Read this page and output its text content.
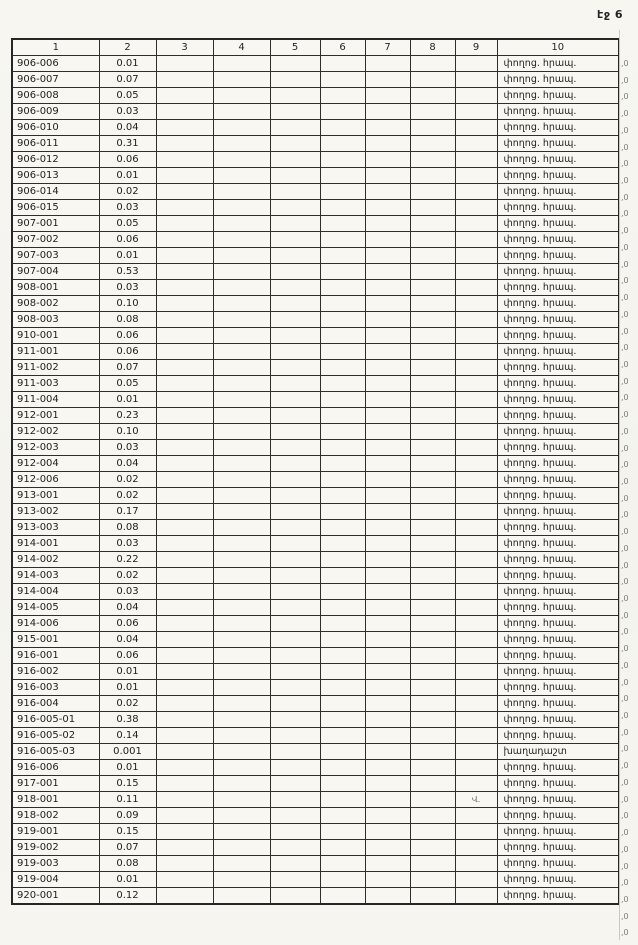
էջ 6
1	2	3	4	5	6	7	8	9	10
906-006	0.01								փողոց. հրապ.
906-007	0.07								փողոց. հրապ.
906-008	0.05								փողոց. հրապ.
906-009	0.03								փողոց. հրապ.
906-010	0.04								փողոց. հրապ.
906-011	0.31								փողոց. հրապ.
906-012	0.06								փողոց. հրապ.
906-013	0.01								փողոց. հրապ.
906-014	0.02								փողոց. հրապ.
906-015	0.03								փողոց. հրապ.
907-001	0.05								փողոց. հրապ.
907-002	0.06								փողոց. հրապ.
907-003	0.01								փողոց. հրապ.
907-004	0.53								փողոց. հրապ.
908-001	0.03								փողոց. հրապ.
908-002	0.10								փողոց. հրապ.
908-003	0.08								փողոց. հրապ.
910-001	0.06								փողոց. հրապ.
911-001	0.06								փողոց. հրապ.
911-002	0.07								փողոց. հրապ.
911-003	0.05								փողոց. հրապ.
911-004	0.01								փողոց. հրապ.
912-001	0.23								փողոց. հրապ.
912-002	0.10								փողոց. հրապ.
912-003	0.03								փողոց. հրապ.
912-004	0.04								փողոց. հրապ.
912-006	0.02								փողոց. հրապ.
913-001	0.02								փողոց. հրապ.
913-002	0.17								փողոց. հրապ.
913-003	0.08								փողոց. հրապ.
914-001	0.03								փողոց. հրապ.
914-002	0.22								փողոց. հրապ.
914-003	0.02								փողոց. հրապ.
914-004	0.03								փողոց. հրապ.
914-005	0.04								փողոց. հրապ.
914-006	0.06								փողոց. հրապ.
915-001	0.04								փողոց. հրապ.
916-001	0.06								փողոց. հրապ.
916-002	0.01								փողոց. հրապ.
916-003	0.01								փողոց. հրապ.
916-004	0.02								փողոց. հրապ.
916-005-01	0.38								փողոց. հրապ.
916-005-02	0.14								փողոց. հրապ.
916-005-03	0.001								խաղադաշտ
916-006	0.01								փողոց. հրապ.
917-001	0.15								փողոց. հրապ.
918-001	0.11							Վ.	փողոց. հրապ.
918-002	0.09								փողոց. հրապ.
919-001	0.15								փողոց. հրապ.
919-002	0.07								փողոց. հրապ.
919-003	0.08								փողոց. հրապ.
919-004	0.01								փողոց. հրապ.
920-001	0.12								փողոց. հրապ.
,0
,0
,0
,0
,0
,0
,0
,0
,0
,0
,0
,0
,0
,0
,0
,0
,0
,0
,0
,0
,0
,0
,0
,0
,0
,0
,0
,0
,0
,0
,0
,0
,0
,0
,0
,0
,0
,0
,0
,0
,0
,0
,0
,0
,0
,0
,0
,0
,0
,0
,0
,0
,0
